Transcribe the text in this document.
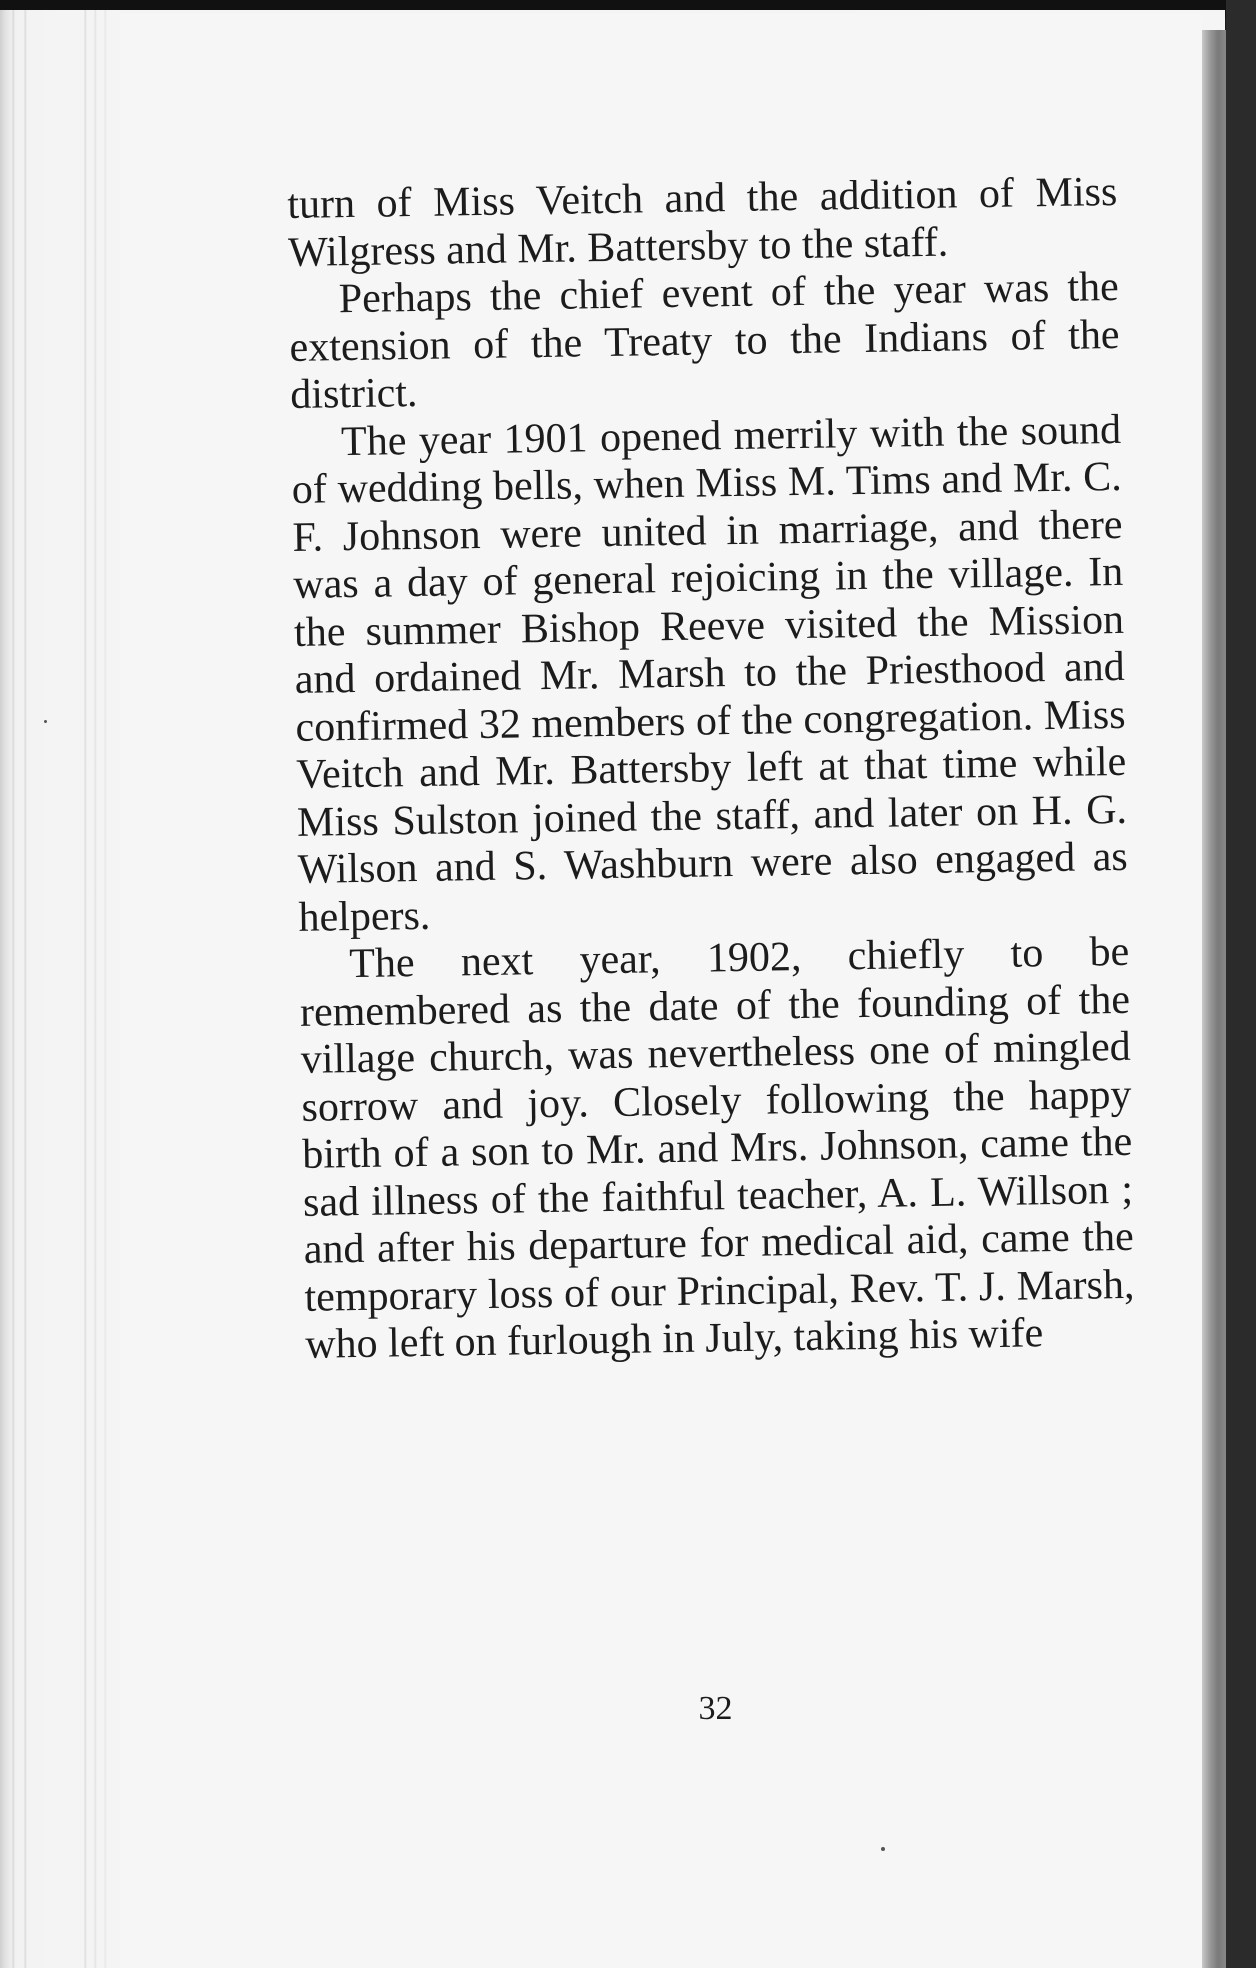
turn of Miss Veitch and the addition of Miss Wilgress and Mr. Battersby to the staff.

Perhaps the chief event of the year was the extension of the Treaty to the Indians of the district.

The year 1901 opened merrily with the sound of wedding bells, when Miss M. Tims and Mr. C. F. Johnson were united in marriage, and there was a day of general rejoicing in the village. In the summer Bishop Reeve visited the Mission and ordained Mr. Marsh to the Priesthood and confirmed 32 members of the congregation. Miss Veitch and Mr. Battersby left at that time while Miss Sulston joined the staff, and later on H. G. Wilson and S. Washburn were also engaged as helpers.

The next year, 1902, chiefly to be remembered as the date of the founding of the village church, was nevertheless one of mingled sorrow and joy. Closely following the happy birth of a son to Mr. and Mrs. Johnson, came the sad illness of the faithful teacher, A. L. Willson ; and after his departure for medical aid, came the temporary loss of our Principal, Rev. T. J. Marsh, who left on furlough in July, taking his wife

32
